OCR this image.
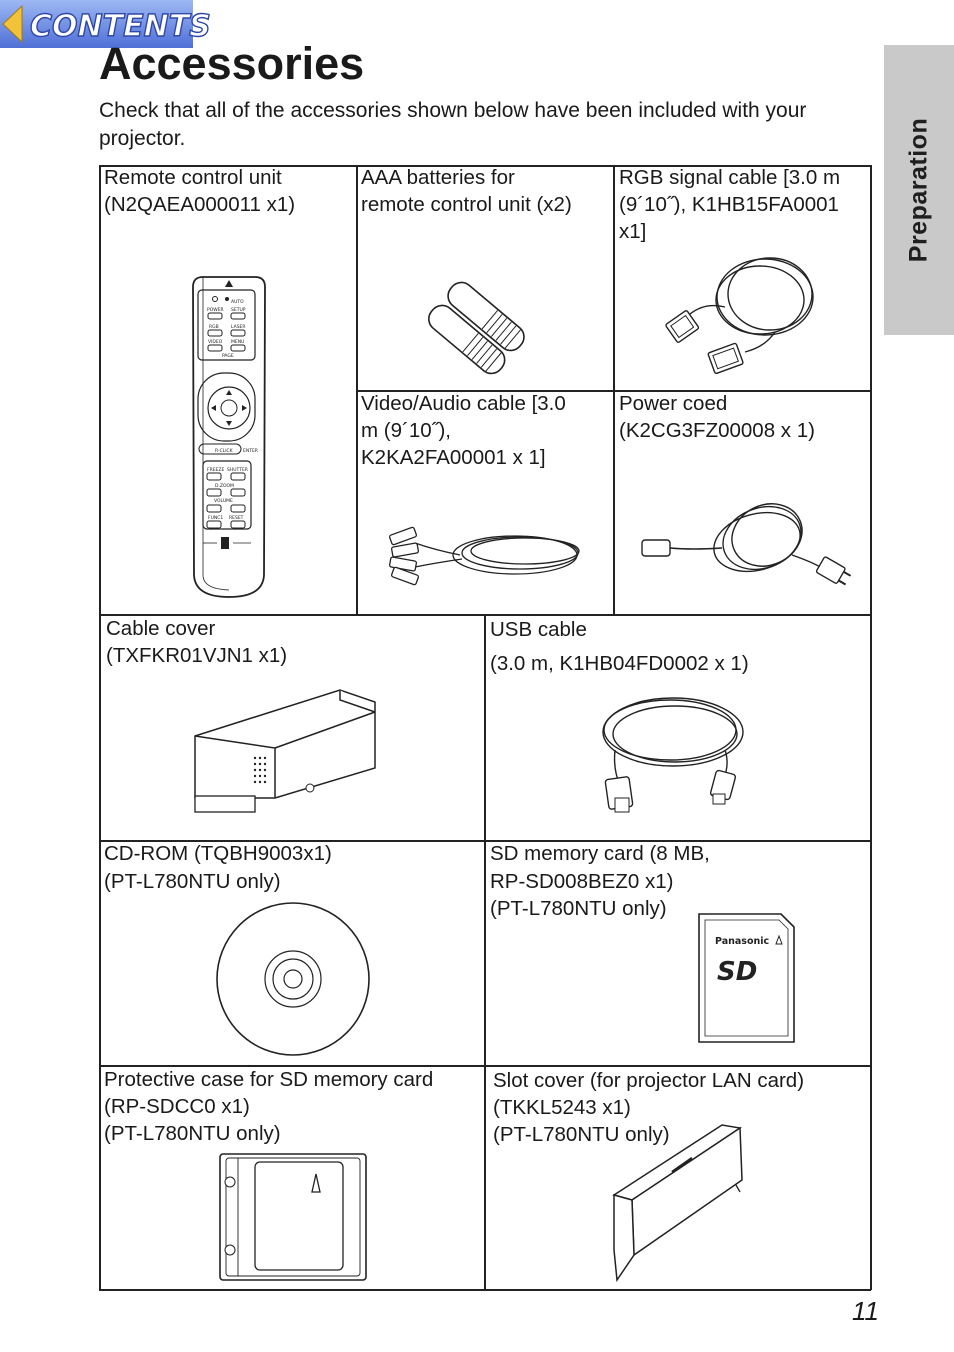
CONTENTS
Accessories
Check that all of the accessories shown below have been included with your
projector.	Preparation
Remote control unit
(N2QAEA000011 x1)
POWER
AUTO
SETUP
RGB	LASER
VIDEO MENU
PAGE
R-CLICK ENTER
FREEZE SHUTTER
D.ZOOM
VOLUME
FUNC1 RESET
AAA batteries for
remote control unit (x2)
RGB signal cable [3.0 m
(9´10˝), K1HB15FA0001
x1]
Video/Audio cable [3.0
m (9´10˝),
K2KA2FA00001 x 1]
Power coed
(K2CG3FZ00008 x 1)
Cable cover
(TXFKR01VJN1 x1)
USB cable
(3.0 m, K1HB04FD0002 x 1)
CD-ROM (TQBH9003x1)
(PT-L780NTU only)
SD memory card (8 MB,
RP-SD008BEZ0 x1)
(PT-L780NTU only)
Panasonic
SD
Protective case for SD memory card
(RP-SDCC0 x1)
(PT-L780NTU only)
Slot cover (for projector LAN card)
(TKKL5243 x1)
(PT-L780NTU only)
11
